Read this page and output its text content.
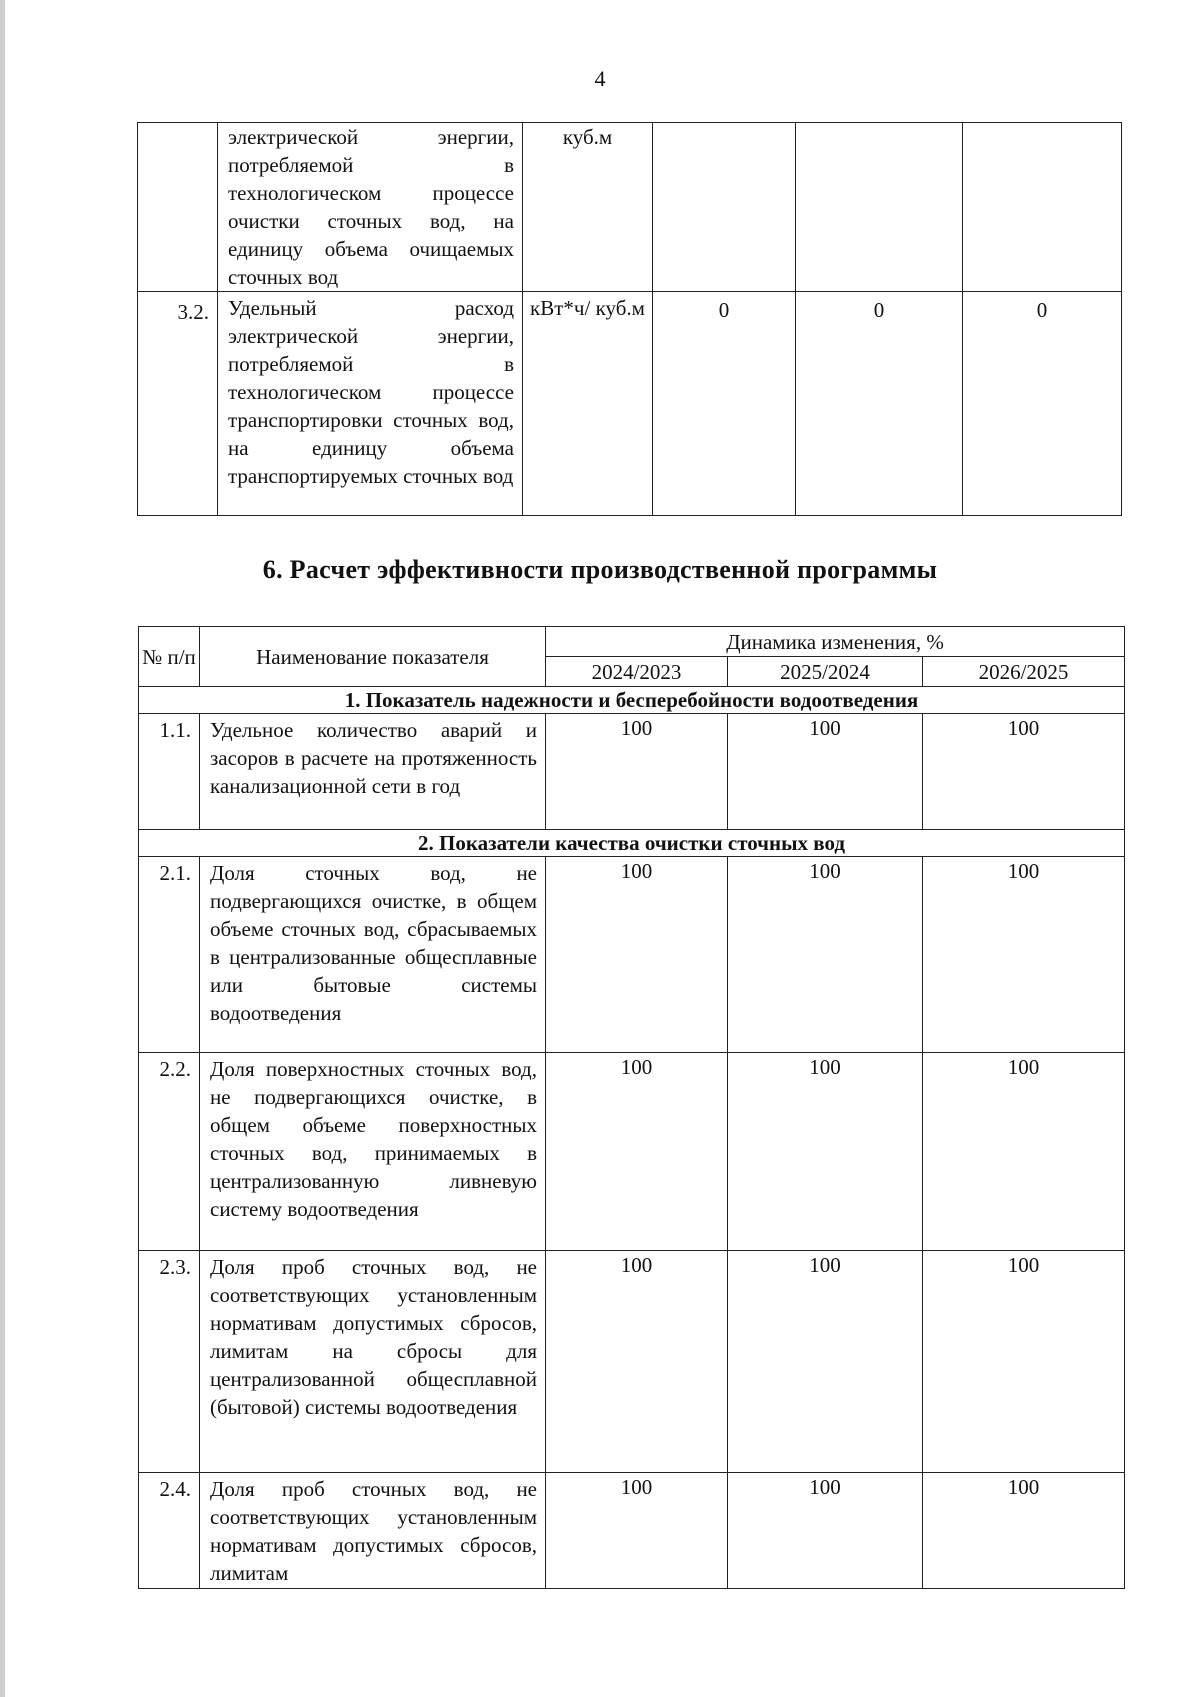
4
	электрической энергии, потребляемой в технологическом процессе очистки сточных вод, на единицу объема очищаемых сточных вод	куб.м			
3.2.	Удельный расход электрической энергии, потребляемой в технологическом процессе транспортировки сточных вод, на единицу объема транспортируемых сточных вод	кВт*ч/ куб.м	0	0	0
6. Расчет эффективности производственной программы
№ п/п	Наименование показателя	Динамика изменения, %		
		2024/2023	2025/2024	2026/2025
1. Показатель надежности и бесперебойности водоотведения				
1.1.	Удельное количество аварий и засоров в расчете на протяженность канализационной сети в год	100	100	100
2. Показатели качества очистки сточных вод				
2.1.	Доля сточных вод, не подвергающихся очистке, в общем объеме сточных вод, сбрасываемых в централизованные общесплавные или бытовые системы водоотведения	100	100	100
2.2.	Доля поверхностных сточных вод, не подвергающихся очистке, в общем объеме поверхностных сточных вод, принимаемых в централизованную ливневую систему водоотведения	100	100	100
2.3.	Доля проб сточных вод, не соответствующих установленным нормативам допустимых сбросов, лимитам на сбросы для централизованной общесплавной (бытовой) системы водоотведения	100	100	100
2.4.	Доля проб сточных вод, не соответствующих установленным нормативам допустимых сбросов, лимитам	100	100	100
